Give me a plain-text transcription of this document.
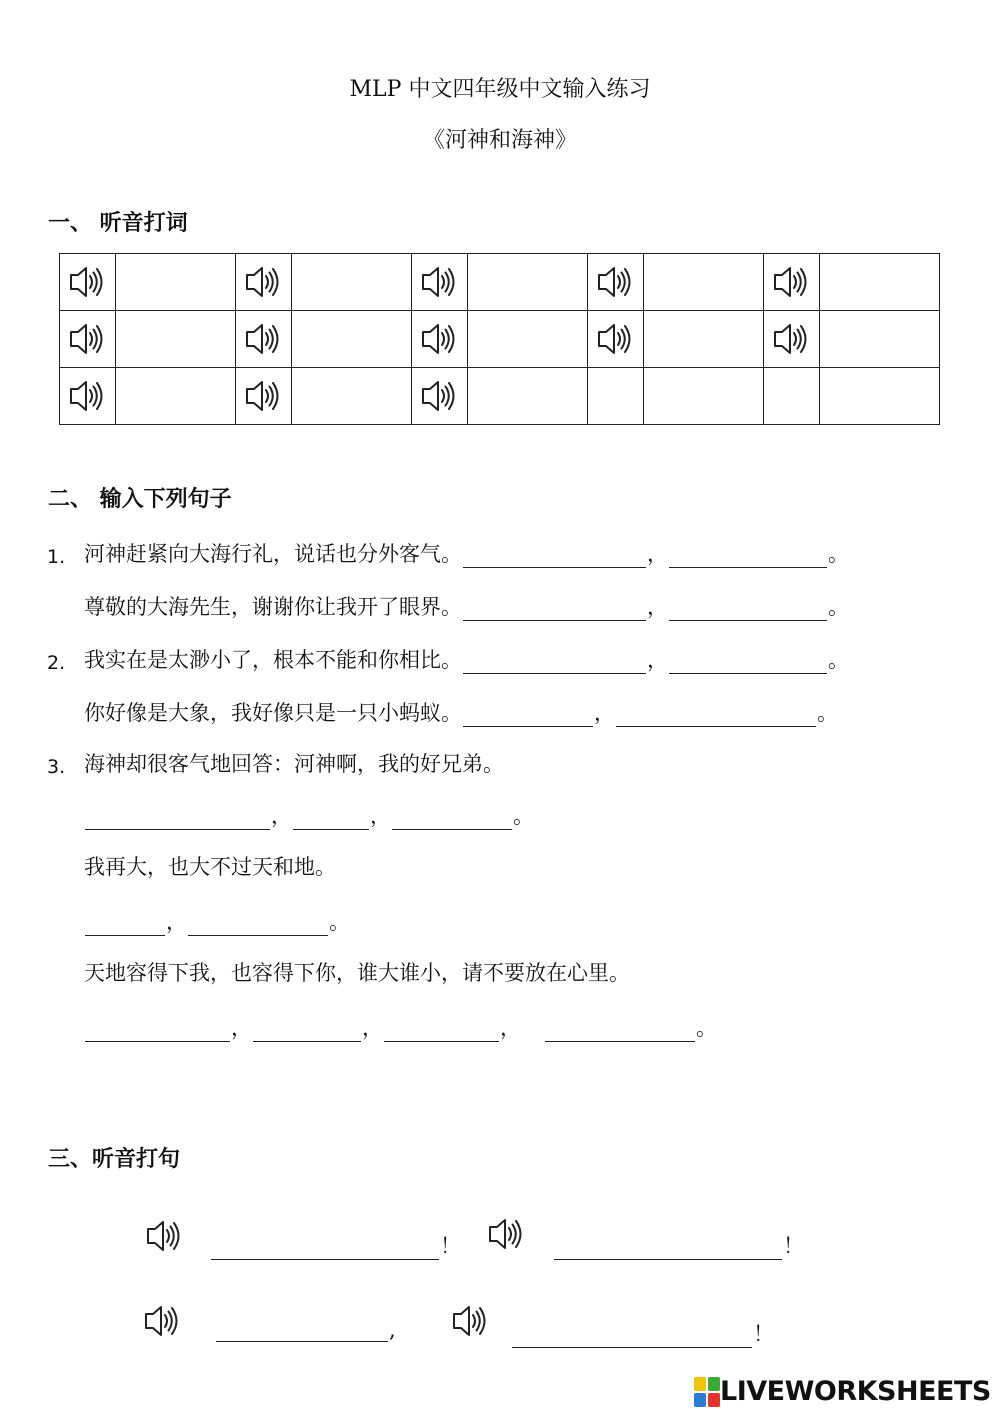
MLP 中文四年级中文输入练习
《河神和海神》
一、 听音打词

二、 输入下列句子
1. 河神赶紧向大海行礼，说话也分外客气。	，	。
尊敬的大海先生，谢谢你让我开了眼界。	，	。
2. 我实在是太渺小了，根本不能和你相比。	，	。
你好像是大象，我好像只是一只小蚂蚁。	，	。
3. 海神却很客气地回答：河神啊，我的好兄弟。
，	，	。
我再大，也大不过天和地。
，	。
天地容得下我，也容得下你，谁大谁小，请不要放在心里。
，	，	，	。
三、听音打句
！	！
,	！
LIVE WORKSHEETS
